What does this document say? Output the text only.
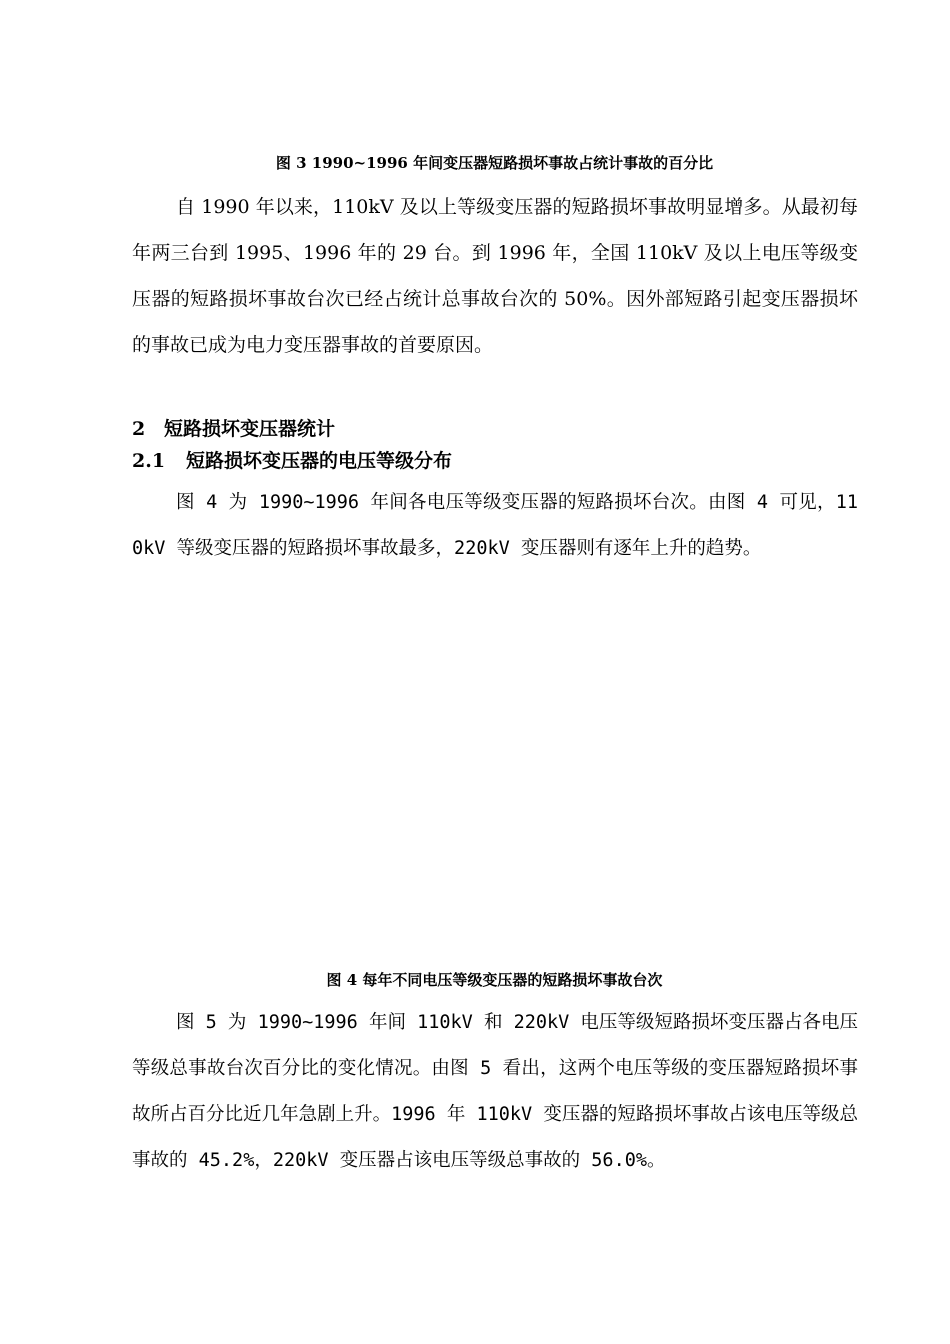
图 3 1990~1996 年间变压器短路损坏事故占统计事故的百分比

自 1990 年以来，110kV 及以上等级变压器的短路损坏事故明显增多。从最初每年两三台到 1995、1996 年的 29 台。到 1996 年，全国 110kV 及以上电压等级变压器的短路损坏事故台次已经占统计总事故台次的 50%。因外部短路引起变压器损坏的事故已成为电力变压器事故的首要原因。

2 短路损坏变压器统计
2.1 短路损坏变压器的电压等级分布

图 4 为 1990~1996 年间各电压等级变压器的短路损坏台次。由图 4 可见，110kV 等级变压器的短路损坏事故最多，220kV 变压器则有逐年上升的趋势。

图 4 每年不同电压等级变压器的短路损坏事故台次

图 5 为 1990~1996 年间 110kV 和 220kV 电压等级短路损坏变压器占各电压等级总事故台次百分比的变化情况。由图 5 看出，这两个电压等级的变压器短路损坏事故所占百分比近几年急剧上升。1996 年 110kV 变压器的短路损坏事故占该电压等级总事故的 45.2%，220kV 变压器占该电压等级总事故的 56.0%。
